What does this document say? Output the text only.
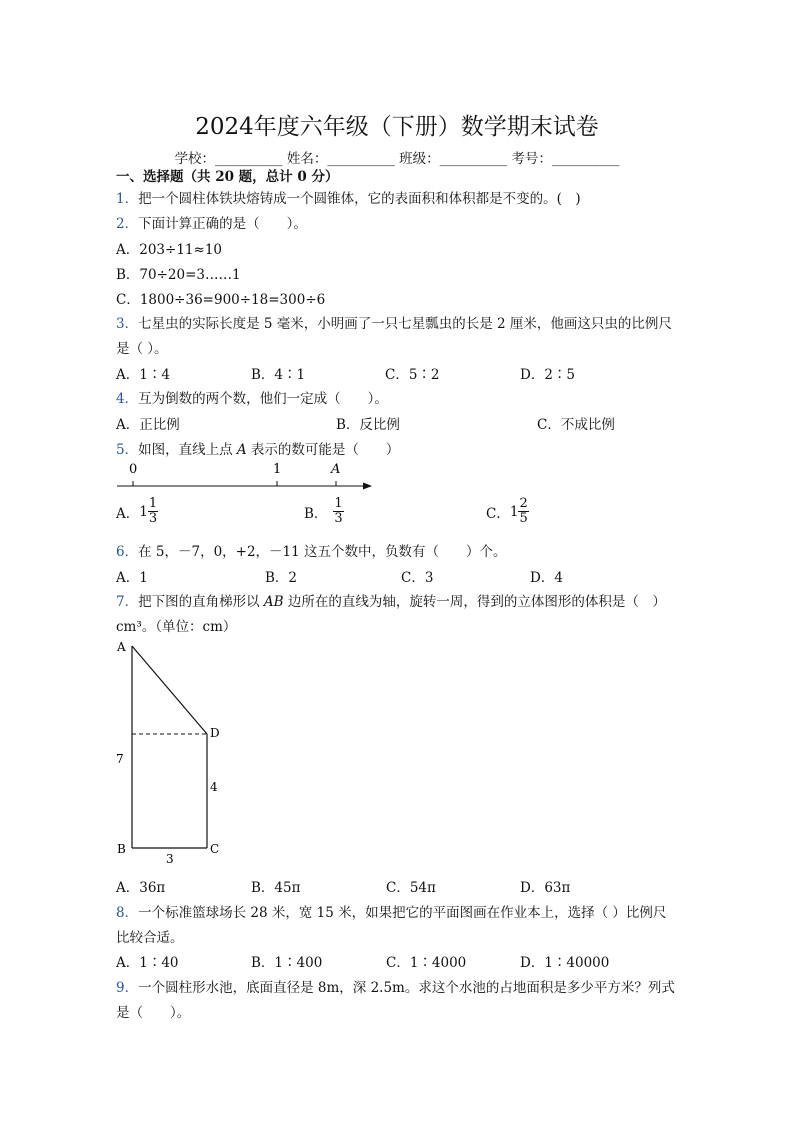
2024年度六年级（下册）数学期末试卷
学校：__________ 姓名：__________ 班级：__________ 考号：__________
一、选择题（共 20 题，总计 0 分）
1．把一个圆柱体铁块熔铸成一个圆锥体，它的表面积和体积都是不变的。(　)
2．下面计算正确的是（　　）。
A．203÷11≈10
B．70÷20=3……1
C．1800÷36=900÷18=300÷6
3．七星虫的实际长度是 5 毫米，小明画了一只七星瓢虫的长是 2 厘米，他画这只虫的比例尺
是（ ）。
A．1∶4	B．4∶1	C．5∶2	D．2∶5
4．互为倒数的两个数，他们一定成（　　）。
A．正比例	B．反比例	C．不成比例
5．如图，直线上点 A 表示的数可能是（　　）
0	1	A
A．$1 \frac{1}{3}$	B． $\frac{1}{3}$	C．$1 \frac{2}{5}$
6．在 5，－7，0，+2，－11 这五个数中，负数有（　　）个。
A．1	B．2	C．3	D．4
7．把下图的直角梯形以 AB 边所在的直线为轴，旋转一周，得到的立体图形的体积是（　）
cm³。（单位：cm）
A
B	C
D
7
4
3
A．36π	B．45π	C．54π	D．63π
8．一个标准篮球场长 28 米，宽 15 米，如果把它的平面图画在作业本上，选择（ ）比例尺
比较合适。
A．1∶40	B．1∶400	C．1∶4000	D．1∶40000
9．一个圆柱形水池，底面直径是 8m，深 2.5m。求这个水池的占地面积是多少平方米？列式
是（　　）。
